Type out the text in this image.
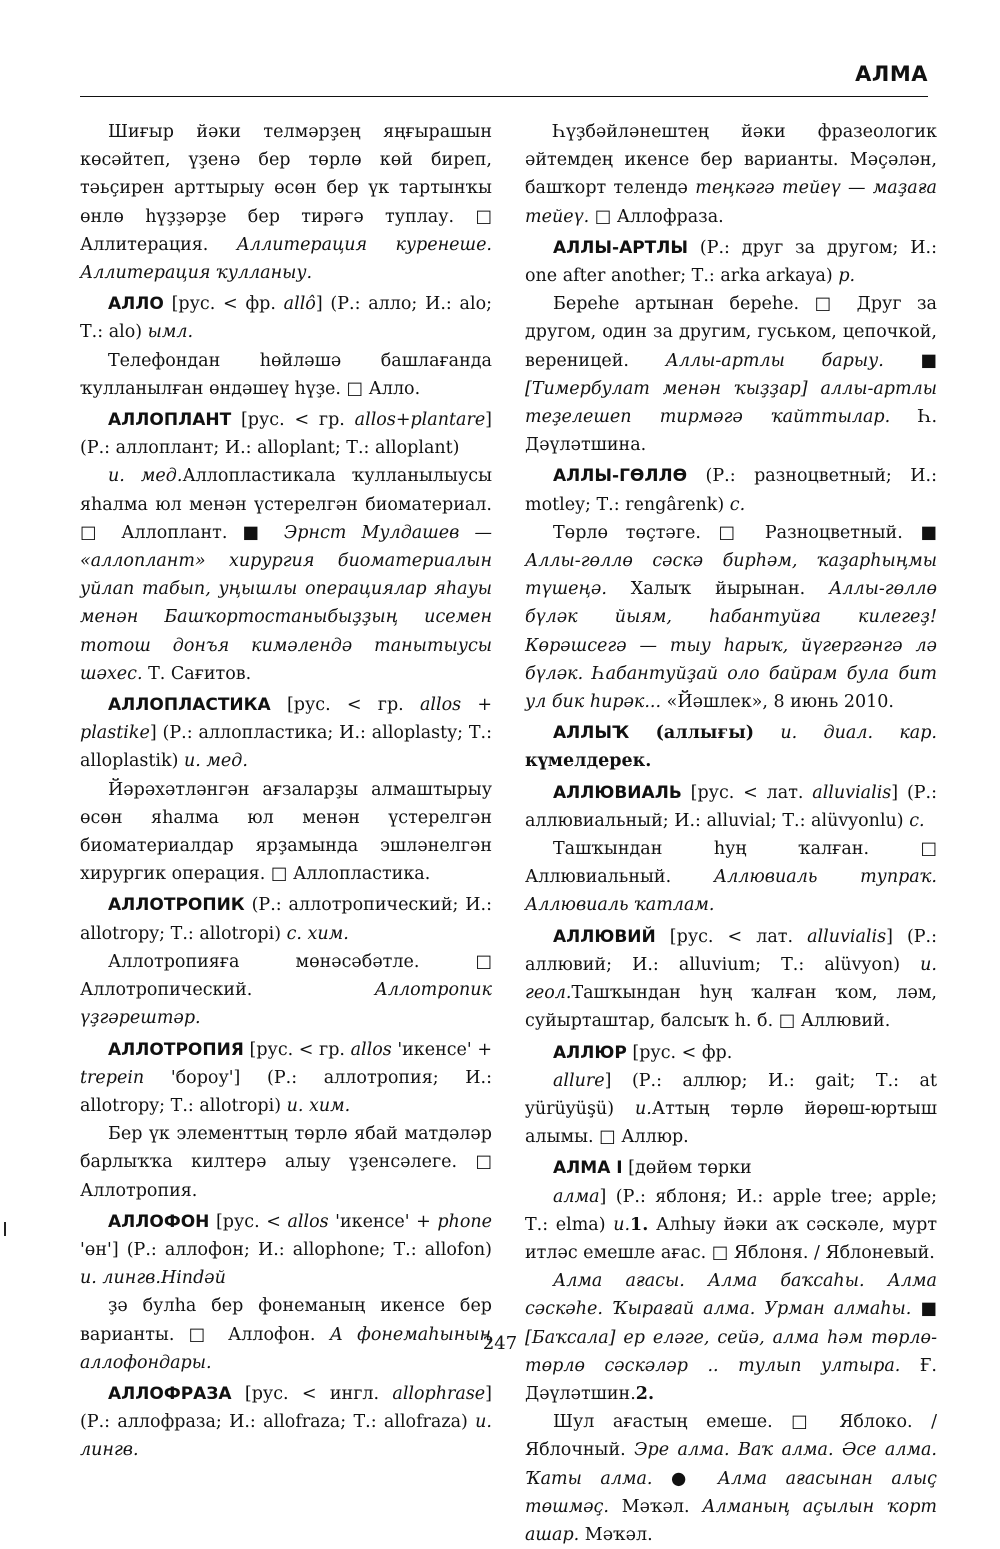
АЛМА

Шиғыр йәки телмәрҙең яңғырашын көсәйтеп, үҙенә бер төрлө көй биреп, тәьҫирен арттырыу өсөн бер үк тартынҡы өнлө һүҙҙәрҙе бер тирәгә туплау. □ Аллитерация. Аллитерация куренеше. Аллитерация ҡулланыу.

АЛЛО [рус. < фр. allô] (Р.: алло; И.: alo; Т.: alo) ымл.

Телефондан һөйләшә башлағанда ҡулланылған өндәшеү һүҙе. □ Алло.

АЛЛОПЛАНТ [рус. < гр. allos+plantare] (Р.: аллоплант; И.: alloplant; Т.: alloplant)

и. мед.Аллопластикала ҡулланылыусы яһалма юл менән үстерелгән биоматериал. □ Аллоплант. ■ Эрнст Мулдашев — «аллоплант» хирургия биоматериалын уйлап табып, уңышлы операциялар яһауы менән Башҡортостаныбыҙҙың исемен тотош донъя кимәлендә танытыусы шәхес. Т. Сағитов.

АЛЛОПЛАСТИКА [рус. < гр. allos + plastike] (Р.: аллопластика; И.: alloplasty; Т.: alloplastik) и. мед.

Йәрәхәтләнгән ағзаларҙы алмаштырыу өсөн яһалма юл менән үстерелгән биоматериалдар ярҙамында эшләнелгән хирургик операция. □ Аллопластика.

АЛЛОТРОПИК (Р.: аллотропический; И.: allotropy; Т.: allotropi) с. хим.

Аллотропияға мөнәсәбәтле. □ Аллотропический. Аллотропик үҙгәрештәр.

АЛЛОТРОПИЯ [рус. < гр. allos 'икенсе' + trepein 'бороу'] (Р.: аллотропия; И.: allotropy; Т.: allotropi) и. хим.

Бер үк элементтың төрлө ябай матдәләр барлыҡҡа килтерә алыу үҙенсәлеге. □ Аллотропия.

АЛЛОФОН [рус. < allos 'икенсе' + phone 'өн'] (Р.: аллофон; И.: allophone; Т.: allofon) и. лингв.Нindәй

ҙә булһа бер фонеманың икенсе бер варианты. □ Аллофон. А фонемаһының аллофондары.

АЛЛОФРАЗА [рус. < ингл. allophrase] (Р.: аллофраза; И.: allofraza; Т.: allofraza) и. лингв.

Һүҙбәйләнештең йәки фразеологик әйтемдең икенсе бер варианты. Мәҫәлән, башҡорт телендә теңкәгә тейеү — маҙаға тейеү. □ Аллофраза.

АЛЛЫ-АРТЛЫ (Р.: друг за другом; И.: one after another; Т.: arka arkaya) р.

Береһе артынан береһе. □ Друг за другом, один за другим, гуськом, цепочкой, вереницей. Аллы-артлы барыу. ■ [Тимербулат менән ҡыҙҙар] аллы-артлы теҙелешеп тирмәгә ҡайттылар. Һ. Дәүләтшина.

АЛЛЫ-ГӨЛЛӨ (Р.: разноцветный; И.: motley; Т.: rengârenk) с.

Төрлө төҫтәге. □ Разноцветный. ■ Аллы-гөллө сәскә бирһәм, ҡаҙарһыңмы түшеңә. Халыҡ йырынан. Аллы-гөллө бүләк йыям, һабантуйға килегеҙ! Көрәшсегә — тыу һарыҡ, йүгергәнгә лә бүләк. Һабантуйҙай оло байрам була бит ул бик һирәк... «Йәшлек», 8 июнь 2010.

АЛЛЫҠ (аллығы) и. диал. кар. күмелдерек.

АЛЛЮВИАЛЬ [рус. < лат. alluvialis] (Р.: аллювиальный; И.: alluvial; Т.: alüvyonlu) с.

Ташҡындан һуң ҡалған. □ Аллювиальный. Аллювиаль тупраҡ. Аллювиаль ҡатлам.

АЛЛЮВИЙ [рус. < лат. alluvialis] (Р.: аллювий; И.: alluvium; Т.: alüvyon) и. геол.Ташҡындан һуң ҡалған ҡом, ләм, суйырташтар, балсыҡ һ. б. □ Аллювий.

АЛЛЮР [рус. < фр.

allure] (Р.: аллюр; И.: gait; Т.: at yürüyüşü) и.Аттың төрлө йөрөш-юртыш алымы. □ Аллюр.

АЛМА I [дөйөм төрки

алма] (Р.: яблоня; И.: apple tree; apple; Т.: elma) и.1. Алһыу йәки аҡ сәскәле, мурт итләс емешле ағас. □ Яблоня. / Яблоневый.

Алма ағасы. Алма баҡсаһы. Алма сәскәһе. Ҡырағай алма. Урман алмаһы. ■ [Баҡсала] ер еләге, сейә, алма һәм төрлө-төрлө сәскәләр .. тулып ултыра. Ғ. Дәүләтшин.2.

Шул ағастың емеше. □ Яблоко. / Яблочный. Эре алма. Ваҡ алма. Әсе алма. Ҡаты алма. ● Алма ағасынан алыҫ төшмәҫ. Мәҡәл. Алманың аҫылын ҡорт ашар. Мәҡәл.

247
